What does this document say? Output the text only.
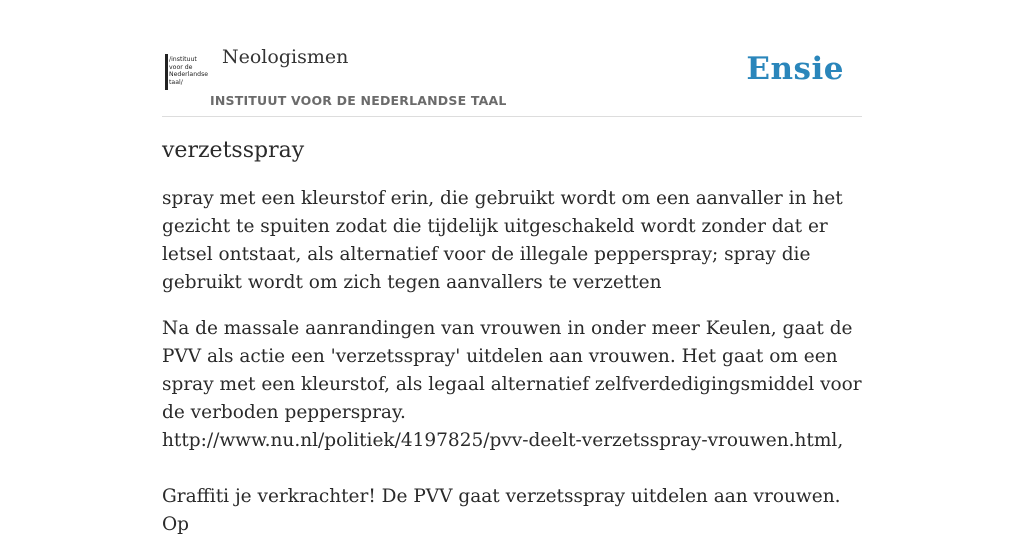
/instituut
voor de
Nederlandse
taal/
Neologismen
INSTITUUT VOOR DE NEDERLANDSE TAAL
Ensie
verzetsspray

spray met een kleurstof erin, die gebruikt wordt om een aanvaller in het gezicht te spuiten zodat die tijdelijk uitgeschakeld wordt zonder dat er letsel ontstaat, als alternatief voor de illegale pepperspray; spray die gebruikt wordt om zich tegen aanvallers te verzetten

Na de massale aanrandingen van vrouwen in onder meer Keulen, gaat de PVV als actie een 'verzetsspray' uitdelen aan vrouwen. Het gaat om een spray met een kleurstof, als legaal alternatief zelfverdedigingsmiddel voor de verboden pepperspray.
http://www.nu.nl/politiek/4197825/pvv-deelt-verzetsspray-vrouwen.html,

Graffiti je verkrachter! De PVV gaat verzetsspray uitdelen aan vrouwen. Op
